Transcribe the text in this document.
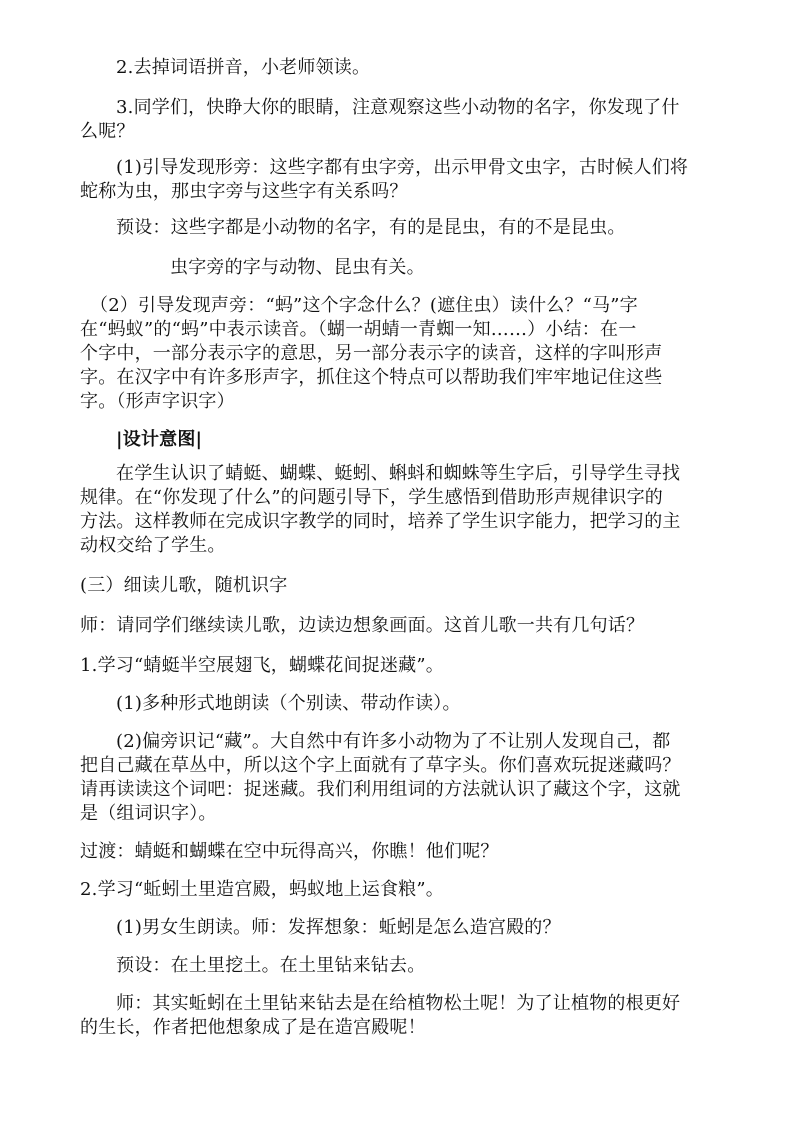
2.去掉词语拼音，小老师领读。
3.同学们，快睁大你的眼睛，注意观察这些小动物的名字，你发现了什
么呢？
(1)引导发现形旁：这些字都有虫字旁，出示甲骨文虫字，古时候人们将
蛇称为虫，那虫字旁与这些字有关系吗？
预设：这些字都是小动物的名字，有的是昆虫，有的不是昆虫。
虫字旁的字与动物、昆虫有关。
（2）引导发现声旁：“蚂”这个字念什么？(遮住虫）读什么？“马”字
在“蚂蚁”的“蚂”中表示读音。（蝴一胡蜻一青蜘一知……）小结：在一
个字中，一部分表示字的意思，另一部分表示字的读音，这样的字叫形声
字。在汉字中有许多形声字，抓住这个特点可以帮助我们牢牢地记住这些
字。（形声字识字）
|设计意图|
在学生认识了蜻蜓、蝴蝶、蜓蚓、蝌蚪和蜘蛛等生字后，引导学生寻找
规律。在“你发现了什么”的问题引导下，学生感悟到借助形声规律识字的
方法。这样教师在完成识字教学的同时，培养了学生识字能力，把学习的主
动权交给了学生。
(三）细读儿歌，随机识字
师：请同学们继续读儿歌，边读边想象画面。这首儿歌一共有几句话？
1.学习“蜻蜓半空展翅飞，蝴蝶花间捉迷藏”。
(1)多种形式地朗读（个别读、带动作读）。
(2)偏旁识记“藏”。大自然中有许多小动物为了不让别人发现自己，都
把自己藏在草丛中，所以这个字上面就有了草字头。你们喜欢玩捉迷藏吗？
请再读读这个词吧：捉迷藏。我们利用组词的方法就认识了藏这个字，这就
是（组词识字）。
过渡：蜻蜓和蝴蝶在空中玩得高兴，你瞧！他们呢？
2.学习“蚯蚓土里造宫殿，蚂蚁地上运食粮”。
(1)男女生朗读。师：发挥想象：蚯蚓是怎么造宫殿的？
预设：在土里挖土。在土里钻来钻去。
师：其实蚯蚓在土里钻来钻去是在给植物松土呢！为了让植物的根更好
的生长，作者把他想象成了是在造宫殿呢！
